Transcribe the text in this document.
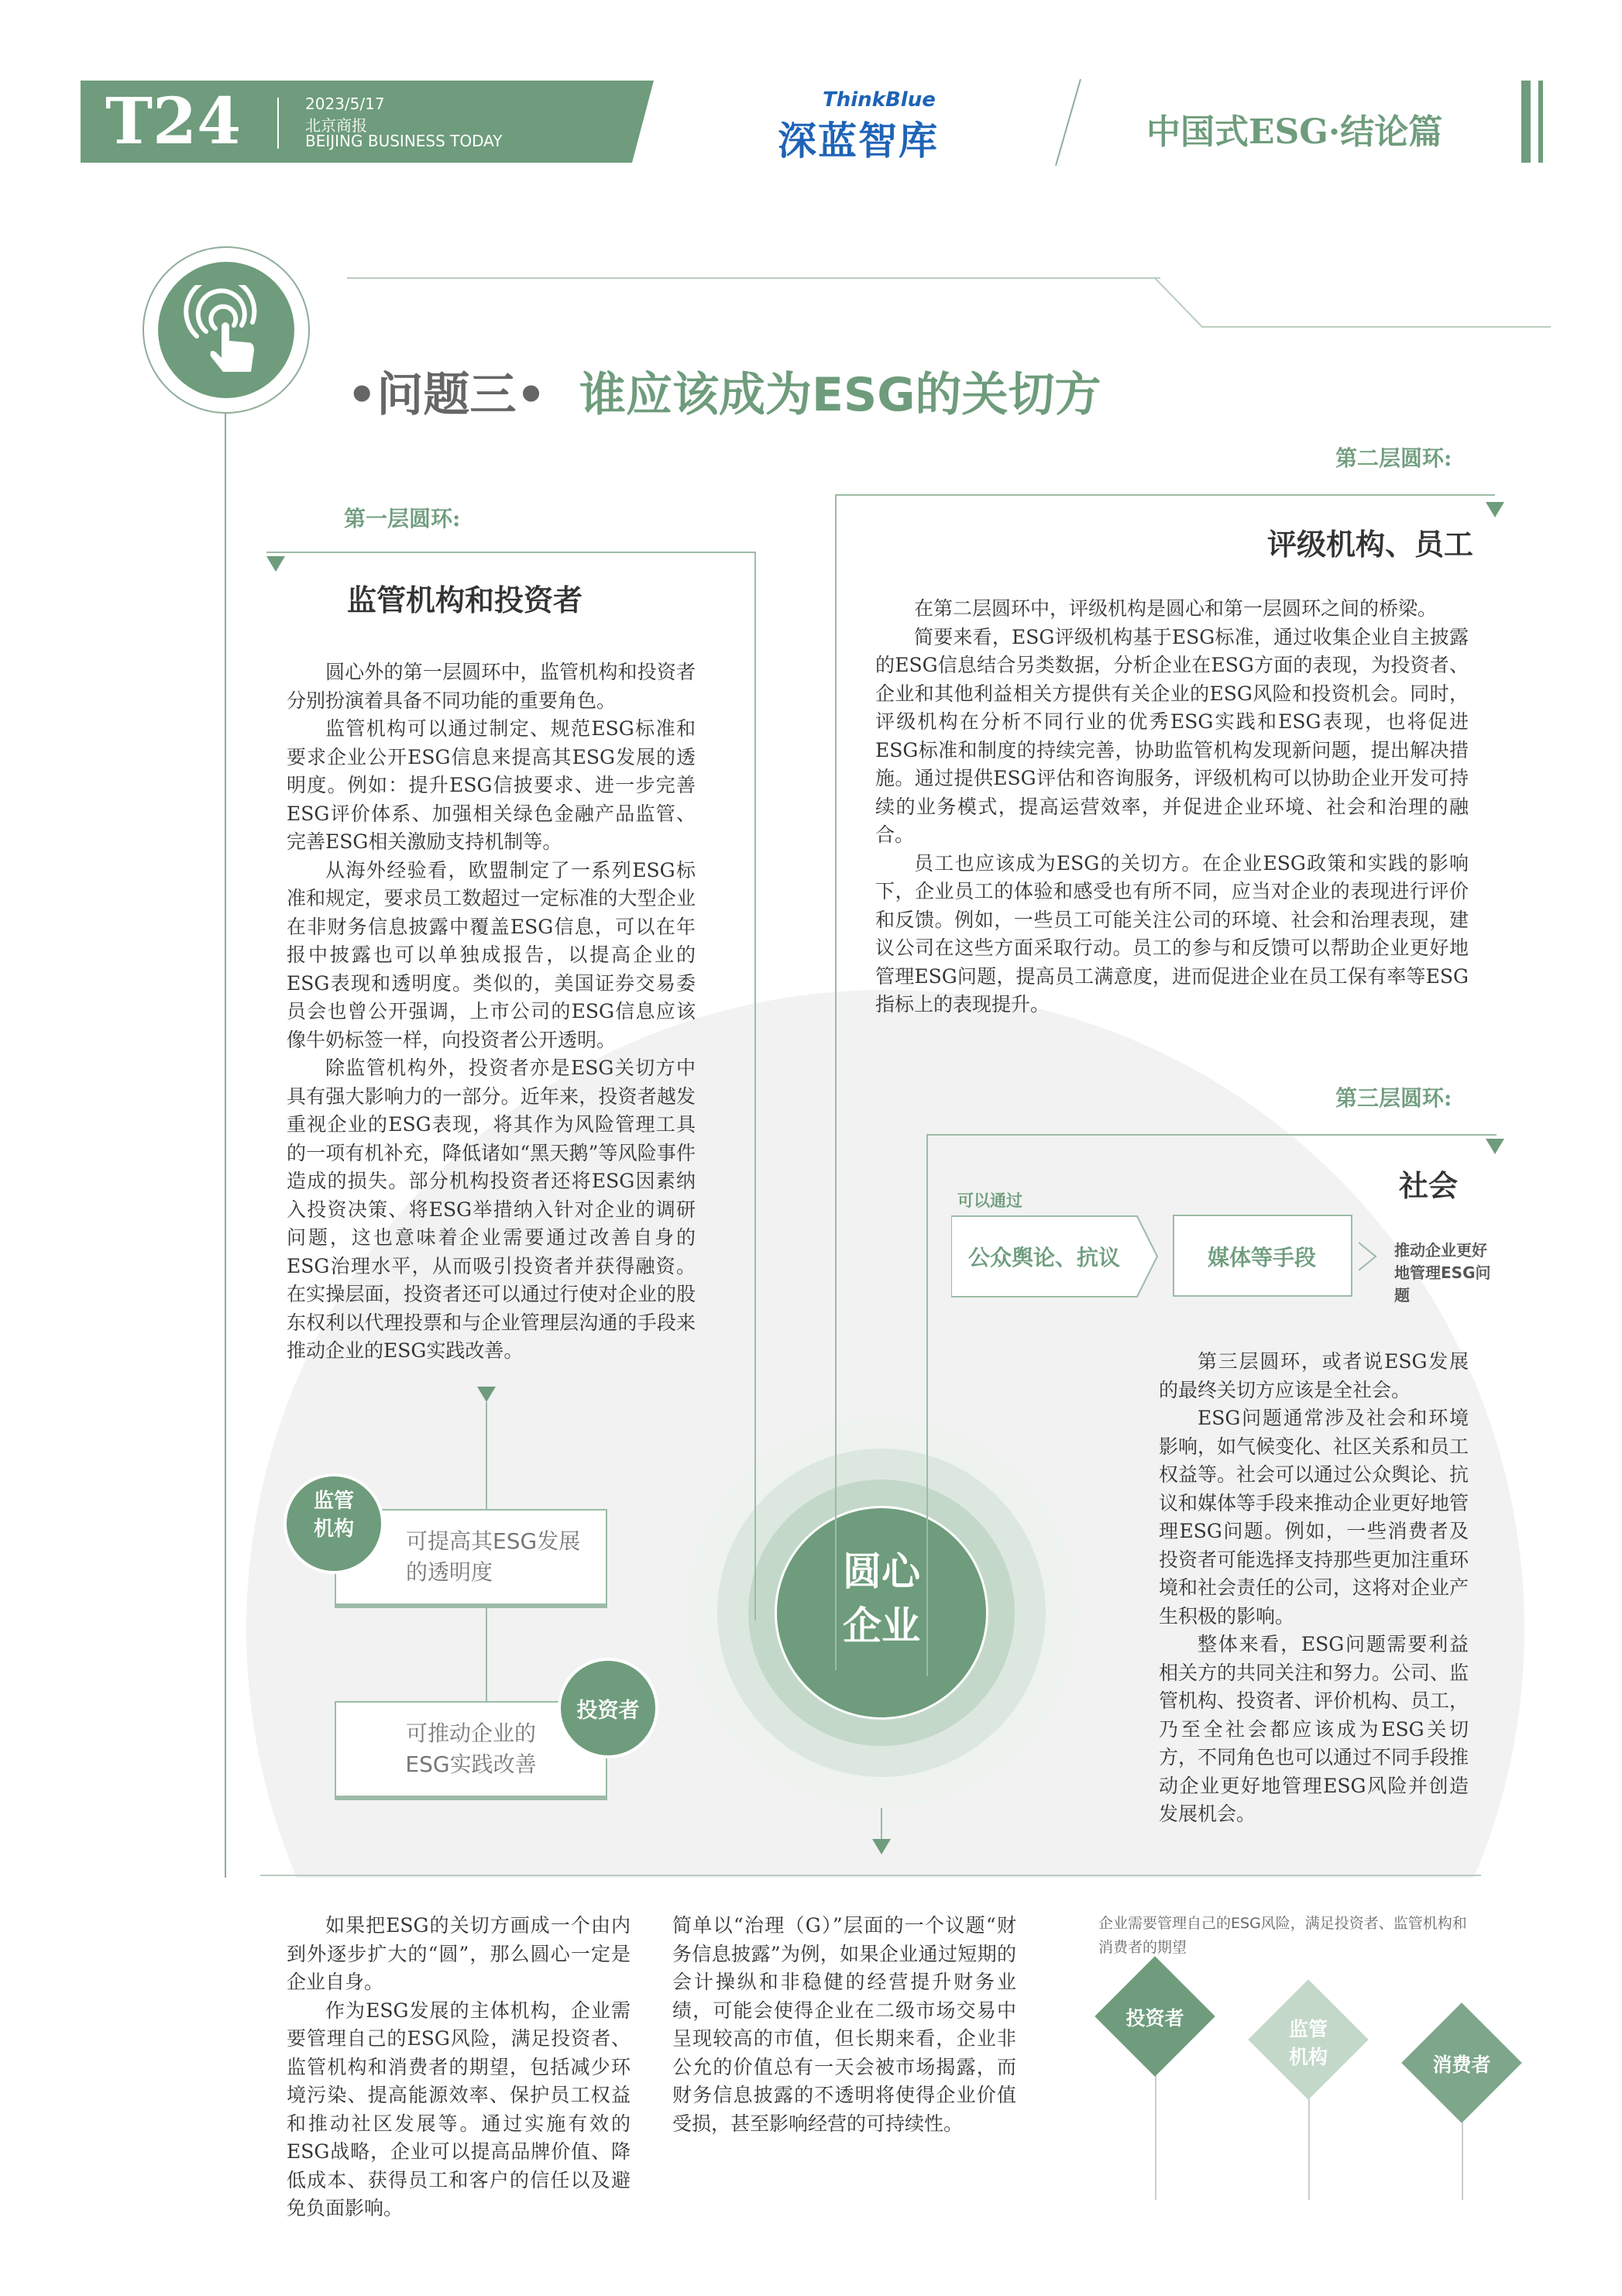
T24	2023/5/17
北京商报
BEIJING BUSINESS TODAY
ThinkBlue
深蓝智库	中国式ESG·结论篇
•问题三• 谁应该成为ESG的关切方
第二层圆环:
评级机构、员工

在第二层圆环中，评级机构是圆心和第一层圆环之间的桥梁。

简要来看，ESG评级机构基于ESG标准，通过收集企业自主披露的ESG信息结合另类数据，分析企业在ESG方面的表现，为投资者、企业和其他利益相关方提供有关企业的ESG风险和投资机会。同时，评级机构在分析不同行业的优秀ESG实践和ESG表现，也将促进ESG标准和制度的持续完善，协助监管机构发现新问题，提出解决措施。通过提供ESG评估和咨询服务，评级机构可以协助企业开发可持续的业务模式，提高运营效率，并促进企业环境、社会和治理的融合。

员工也应该成为ESG的关切方。在企业ESG政策和实践的影响下，企业员工的体验和感受也有所不同，应当对企业的表现进行评价和反馈。例如，一些员工可能关注公司的环境、社会和治理表现，建议公司在这些方面采取行动。员工的参与和反馈可以帮助企业更好地管理ESG问题，提高员工满意度，进而促进企业在员工保有率等ESG指标上的表现提升。

第一层圆环:
监管机构和投资者

圆心外的第一层圆环中，监管机构和投资者分别扮演着具备不同功能的重要角色。

监管机构可以通过制定、规范ESG标准和要求企业公开ESG信息来提高其ESG发展的透明度。例如：提升ESG信披要求、进一步完善ESG评价体系、加强相关绿色金融产品监管、完善ESG相关激励支持机制等。

从海外经验看，欧盟制定了一系列ESG标准和规定，要求员工数超过一定标准的大型企业在非财务信息披露中覆盖ESG信息，可以在年报中披露也可以单独成报告，以提高企业的ESG表现和透明度。类似的，美国证券交易委员会也曾公开强调，上市公司的ESG信息应该像牛奶标签一样，向投资者公开透明。

除监管机构外，投资者亦是ESG关切方中具有强大影响力的一部分。近年来，投资者越发重视企业的ESG表现，将其作为风险管理工具的一项有机补充，降低诸如“黑天鹅”等风险事件造成的损失。部分机构投资者还将ESG因素纳入投资决策、将ESG举措纳入针对企业的调研问题，这也意味着企业需要通过改善自身的ESG治理水平，从而吸引投资者并获得融资。在实操层面，投资者还可以通过行使对企业的股东权利以代理投票和与企业管理层沟通的手段来推动企业的ESG实践改善。

第三层圆环:
社会
可以通过
公众舆论、抗议	媒体等手段	推动企业更好地管理ESG问题

第三层圆环，或者说ESG发展的最终关切方应该是全社会。

ESG问题通常涉及社会和环境影响，如气候变化、社区关系和员工权益等。社会可以通过公众舆论、抗议和媒体等手段来推动企业更好地管理ESG问题。例如，一些消费者及投资者可能选择支持那些更加注重环境和社会责任的公司，这将对企业产生积极的影响。

整体来看，ESG问题需要利益相关方的共同关注和努力。公司、监管机构、投资者、评价机构、员工，乃至全社会都应该成为ESG关切方，不同角色也可以通过不同手段推动企业更好地管理ESG风险并创造发展机会。

圆心企业
可提高其ESG发展的透明度
监管机构
可推动企业的ESG实践改善
投资者

如果把ESG的关切方画成一个由内到外逐步扩大的“圆”，那么圆心一定是企业自身。

作为ESG发展的主体机构，企业需要管理自己的ESG风险，满足投资者、监管机构和消费者的期望，包括减少环境污染、提高能源效率、保护员工权益和推动社区发展等。通过实施有效的ESG战略，企业可以提高品牌价值、降低成本、获得员工和客户的信任以及避免负面影响。

简单以“治理（G）”层面的一个议题“财务信息披露”为例，如果企业通过短期的会计操纵和非稳健的经营提升财务业绩，可能会使得企业在二级市场交易中呈现较高的市值，但长期来看，企业非公允的价值总有一天会被市场揭露，而财务信息披露的不透明将使得企业价值受损，甚至影响经营的可持续性。

企业需要管理自己的ESG风险，满足投资者、监管机构和消费者的期望
投资者	监管机构	消费者
